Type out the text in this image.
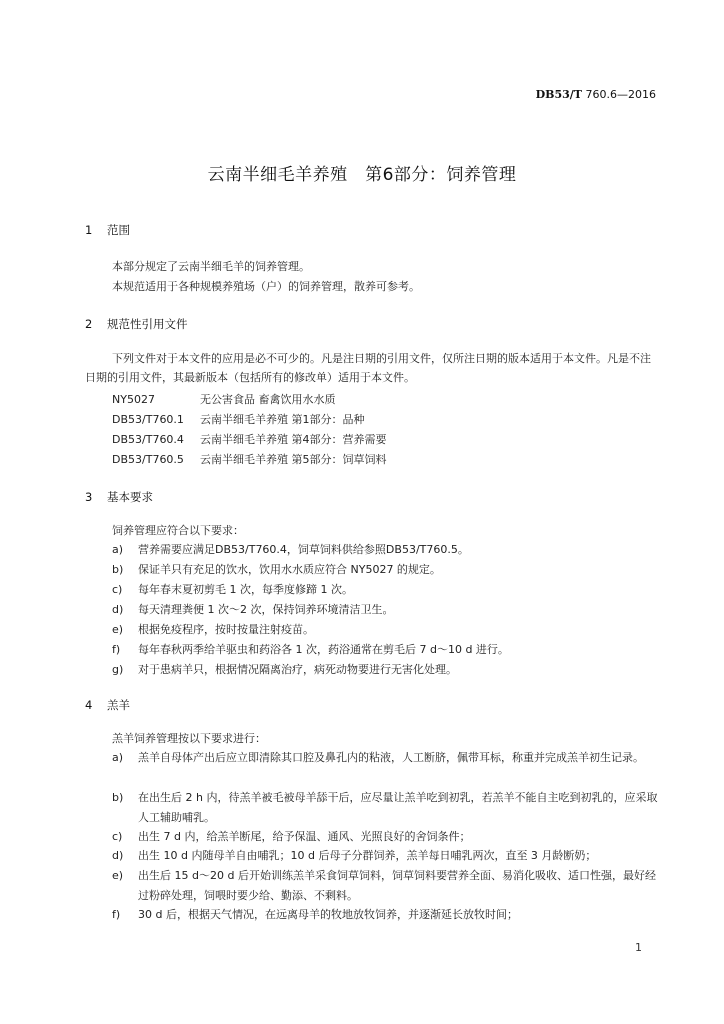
DB53/T 760.6—2016
云南半细毛羊养殖　第6部分：饲养管理
1 范围
本部分规定了云南半细毛羊的饲养管理。
本规范适用于各种规模养殖场（户）的饲养管理，散养可参考。
2 规范性引用文件
下列文件对于本文件的应用是必不可少的。凡是注日期的引用文件，仅所注日期的版本适用于本文件。凡是不注日期的引用文件，其最新版本（包括所有的修改单）适用于本文件。
NY5027	无公害食品 畜禽饮用水水质
DB53/T760.1 云南半细毛羊养殖 第1部分：品种
DB53/T760.4 云南半细毛羊养殖 第4部分：营养需要
DB53/T760.5 云南半细毛羊养殖 第5部分：饲草饲料
3 基本要求
饲养管理应符合以下要求：
a)	营养需要应满足DB53/T760.4，饲草饲料供给参照DB53/T760.5。
b)	保证羊只有充足的饮水，饮用水水质应符合 NY5027 的规定。
c)	每年春末夏初剪毛 1 次，每季度修蹄 1 次。
d)	每天清理粪便 1 次～2 次，保持饲养环境清洁卫生。
e)	根据免疫程序，按时按量注射疫苗。
f)	每年春秋两季给羊驱虫和药浴各 1 次，药浴通常在剪毛后 7 d～10 d 进行。
g)	对于患病羊只，根据情况隔离治疗，病死动物要进行无害化处理。
4 羔羊
羔羊饲养管理按以下要求进行：
a)	羔羊自母体产出后应立即清除其口腔及鼻孔内的粘液，人工断脐，佩带耳标，称重并完成羔羊初生记录。
b)	在出生后 2 h 内，待羔羊被毛被母羊舔干后，应尽量让羔羊吃到初乳，若羔羊不能自主吃到初乳的，应采取人工辅助哺乳。
c)	出生 7 d 内，给羔羊断尾，给予保温、通风、光照良好的舍饲条件；
d)	出生 10 d 内随母羊自由哺乳；10 d 后母子分群饲养，羔羊每日哺乳两次，直至 3 月龄断奶；
e)	出生后 15 d～20 d 后开始训练羔羊采食饲草饲料，饲草饲料要营养全面、易消化吸收、适口性强，最好经过粉碎处理，饲喂时要少给、勤添、不剩料。
f)	30 d 后，根据天气情况，在远离母羊的牧地放牧饲养，并逐渐延长放牧时间；
1
